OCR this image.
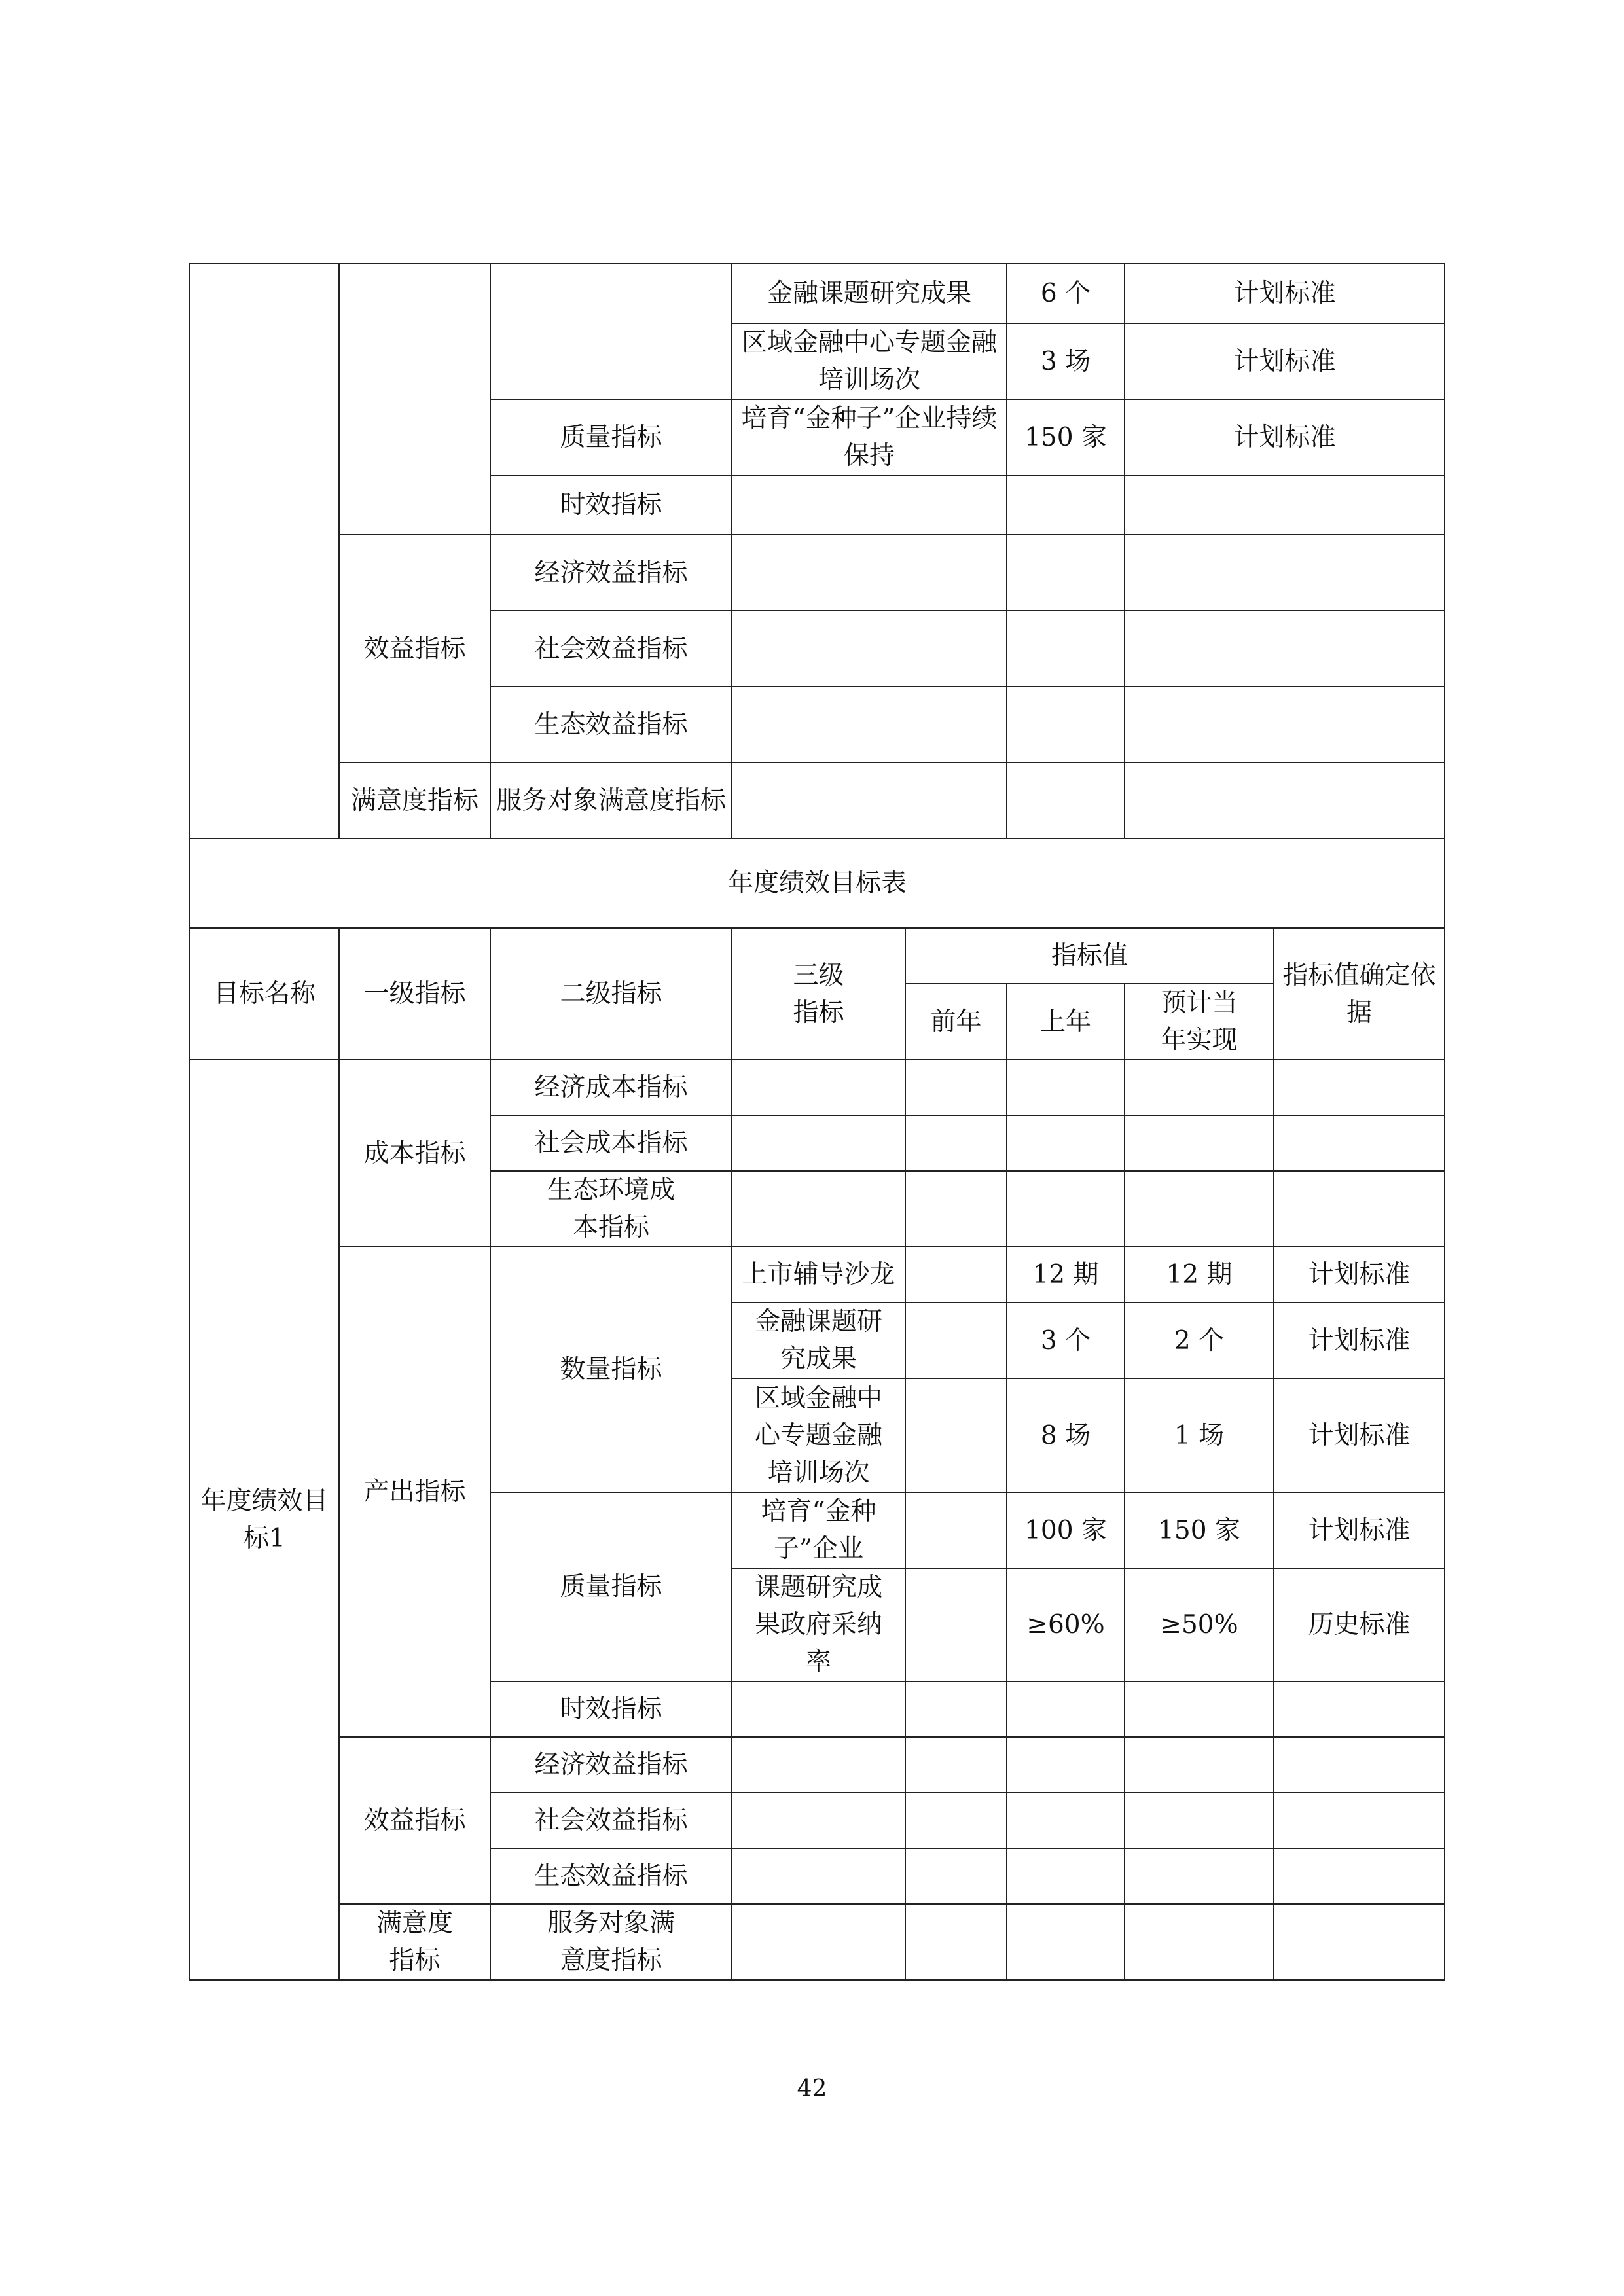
			金融课题研究成果	6 个	计划标准
			区域金融中心专题金融培训场次	3 场	计划标准
		质量指标	培育“金种子”企业持续保持	150 家	计划标准
		时效指标			
	效益指标	经济效益指标			
		社会效益指标			
		生态效益指标			
	满意度指标	服务对象满意度指标			
年度绩效目标表							
目标名称	一级指标	二级指标	三级指标	指标值			指标值确定依据
				前年	上年	预计当年实现	
年度绩效目标1	成本指标	经济成本指标					
		社会成本指标					
		生态环境成本指标					
	产出指标	数量指标	上市辅导沙龙		12 期	12 期	计划标准
			金融课题研究成果		3 个	2 个	计划标准
			区域金融中心专题金融培训场次		8 场	1 场	计划标准
		质量指标	培育“金种子”企业		100 家	150 家	计划标准
			课题研究成果政府采纳率		≥60%	≥50%	历史标准
		时效指标					
	效益指标	经济效益指标					
		社会效益指标					
		生态效益指标					
	满意度指标	服务对象满意度指标					
42
